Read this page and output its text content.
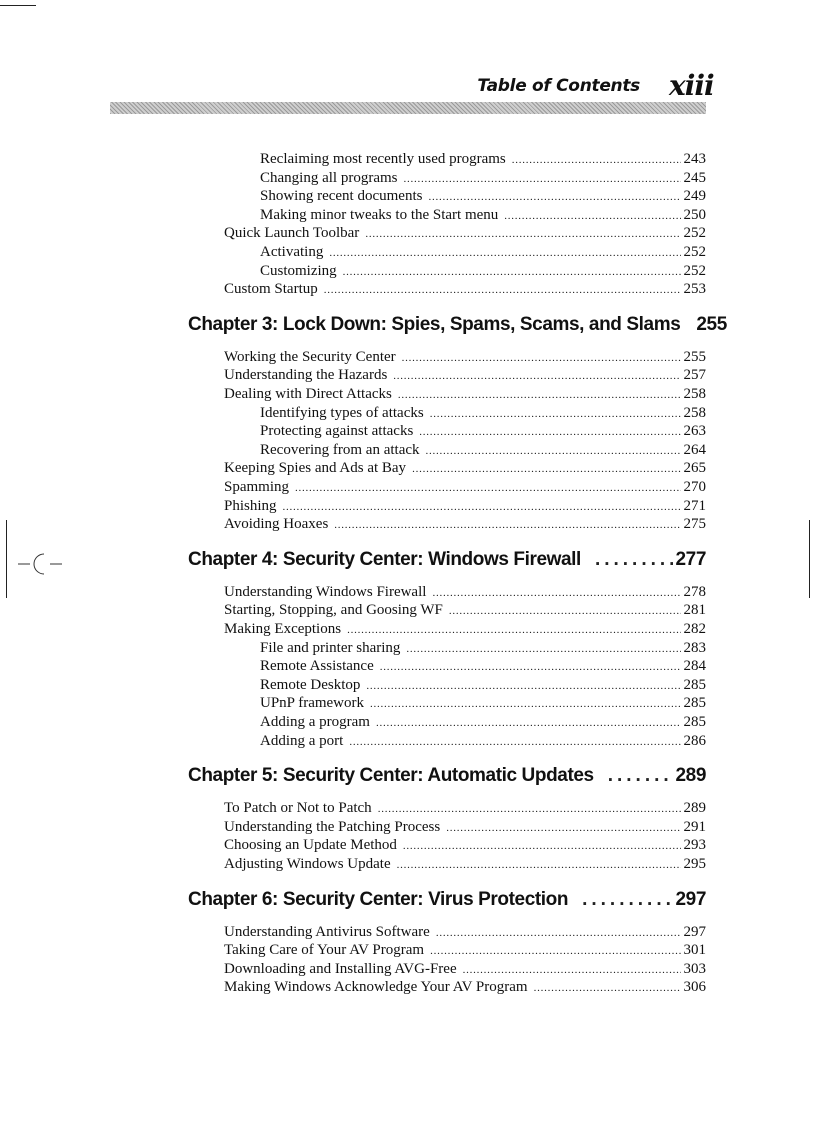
Table of Contents xiii
Reclaiming most recently used programs . . .	243
Changing all programs . . .	245
Showing recent documents . . .	249
Making minor tweaks to the Start menu . . .	250
Quick Launch Toolbar . . .	252
Activating . . .	252
Customizing . . .	252
Custom Startup . . .	253
Chapter 3: Lock Down: Spies, Spams, Scams, and Slams 255
Working the Security Center . . .	255
Understanding the Hazards . . .	257
Dealing with Direct Attacks . . .	258
Identifying types of attacks . . .	258
Protecting against attacks . . .	263
Recovering from an attack . . .	264
Keeping Spies and Ads at Bay . . .	265
Spamming . . .	270
Phishing . . .	271
Avoiding Hoaxes . . .	275
Chapter 4: Security Center: Windows Firewall .....	277
Understanding Windows Firewall . . .	278
Starting, Stopping, and Goosing WF . . .	281
Making Exceptions . . .	282
File and printer sharing . . .	283
Remote Assistance . . .	284
Remote Desktop . . .	285
UPnP framework . . .	285
Adding a program . . .	285
Adding a port . . .	286
Chapter 5: Security Center: Automatic Updates .....	289
To Patch or Not to Patch . . .	289
Understanding the Patching Process . . .	291
Choosing an Update Method . . .	293
Adjusting Windows Update . . .	295
Chapter 6: Security Center: Virus Protection .....	297
Understanding Antivirus Software . . .	297
Taking Care of Your AV Program . . .	301
Downloading and Installing AVG-Free . . .	303
Making Windows Acknowledge Your AV Program . . .	306
